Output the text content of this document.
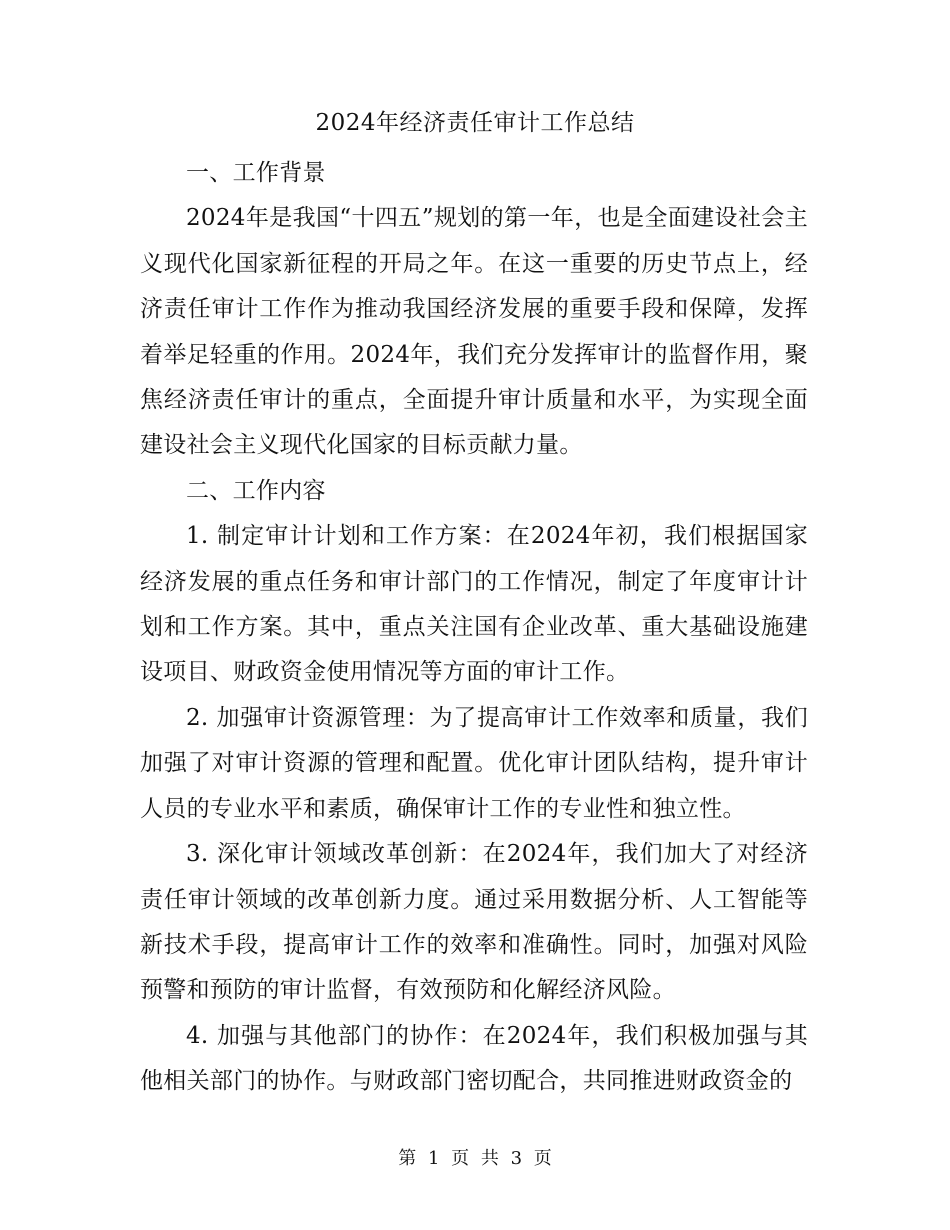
2024年经济责任审计工作总结

一、工作背景

2024年是我国“十四五”规划的第一年，也是全面建设社会主义现代化国家新征程的开局之年。在这一重要的历史节点上，经济责任审计工作作为推动我国经济发展的重要手段和保障，发挥着举足轻重的作用。2024年，我们充分发挥审计的监督作用，聚焦经济责任审计的重点，全面提升审计质量和水平，为实现全面建设社会主义现代化国家的目标贡献力量。

二、工作内容

1. 制定审计计划和工作方案：在2024年初，我们根据国家经济发展的重点任务和审计部门的工作情况，制定了年度审计计划和工作方案。其中，重点关注国有企业改革、重大基础设施建设项目、财政资金使用情况等方面的审计工作。

2. 加强审计资源管理：为了提高审计工作效率和质量，我们加强了对审计资源的管理和配置。优化审计团队结构，提升审计人员的专业水平和素质，确保审计工作的专业性和独立性。

3. 深化审计领域改革创新：在2024年，我们加大了对经济责任审计领域的改革创新力度。通过采用数据分析、人工智能等新技术手段，提高审计工作的效率和准确性。同时，加强对风险预警和预防的审计监督，有效预防和化解经济风险。

4. 加强与其他部门的协作：在2024年，我们积极加强与其他相关部门的协作。与财政部门密切配合，共同推进财政资金的

第 1 页 共 3 页
